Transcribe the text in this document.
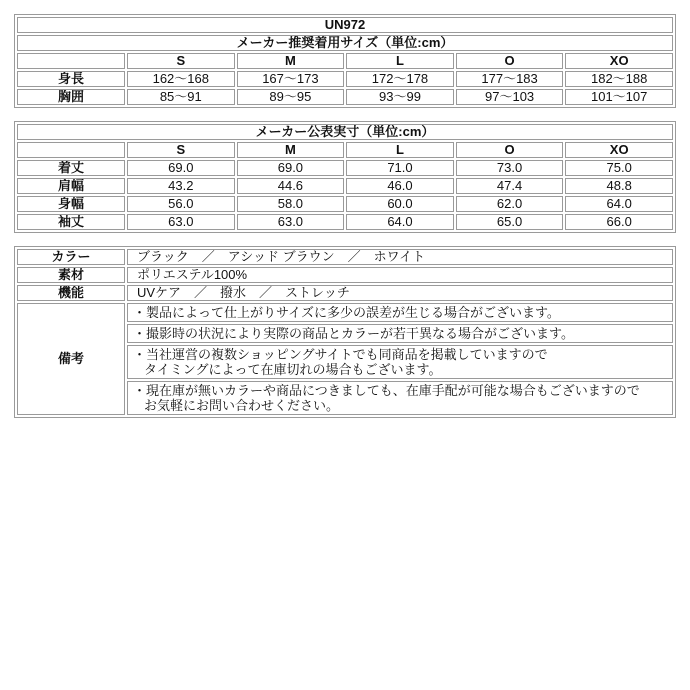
UN972					
メーカー推奨着用サイズ（単位:cm）					
	S	M	L	O	XO
身長	162～168	167～173	172～178	177～183	182～188
胸囲	85～91	89～95	93～99	97～103	101～107
メーカー公表実寸（単位:cm）					
	S	M	L	O	XO
着丈	69.0	69.0	71.0	73.0	75.0
肩幅	43.2	44.6	46.0	47.4	48.8
身幅	56.0	58.0	60.0	62.0	64.0
袖丈	63.0	63.0	64.0	65.0	66.0
カラー	ブラック　／　アシッド ブラウン　／　ホワイト
素材	ポリエステル100%
機能	UVケア　／　撥水　／　ストレッチ
備考	・製品によって仕上がりサイズに多少の誤差が生じる場合がございます。

	・撮影時の状況により実際の商品とカラーが若干異なる場合がございます。

	・当社運営の複数ショッピングサイトでも同商品を掲載していますので
タイミングによって在庫切れの場合もございます。

	・現在庫が無いカラーや商品につきましても、在庫手配が可能な場合もございますので
お気軽にお問い合わせください。
